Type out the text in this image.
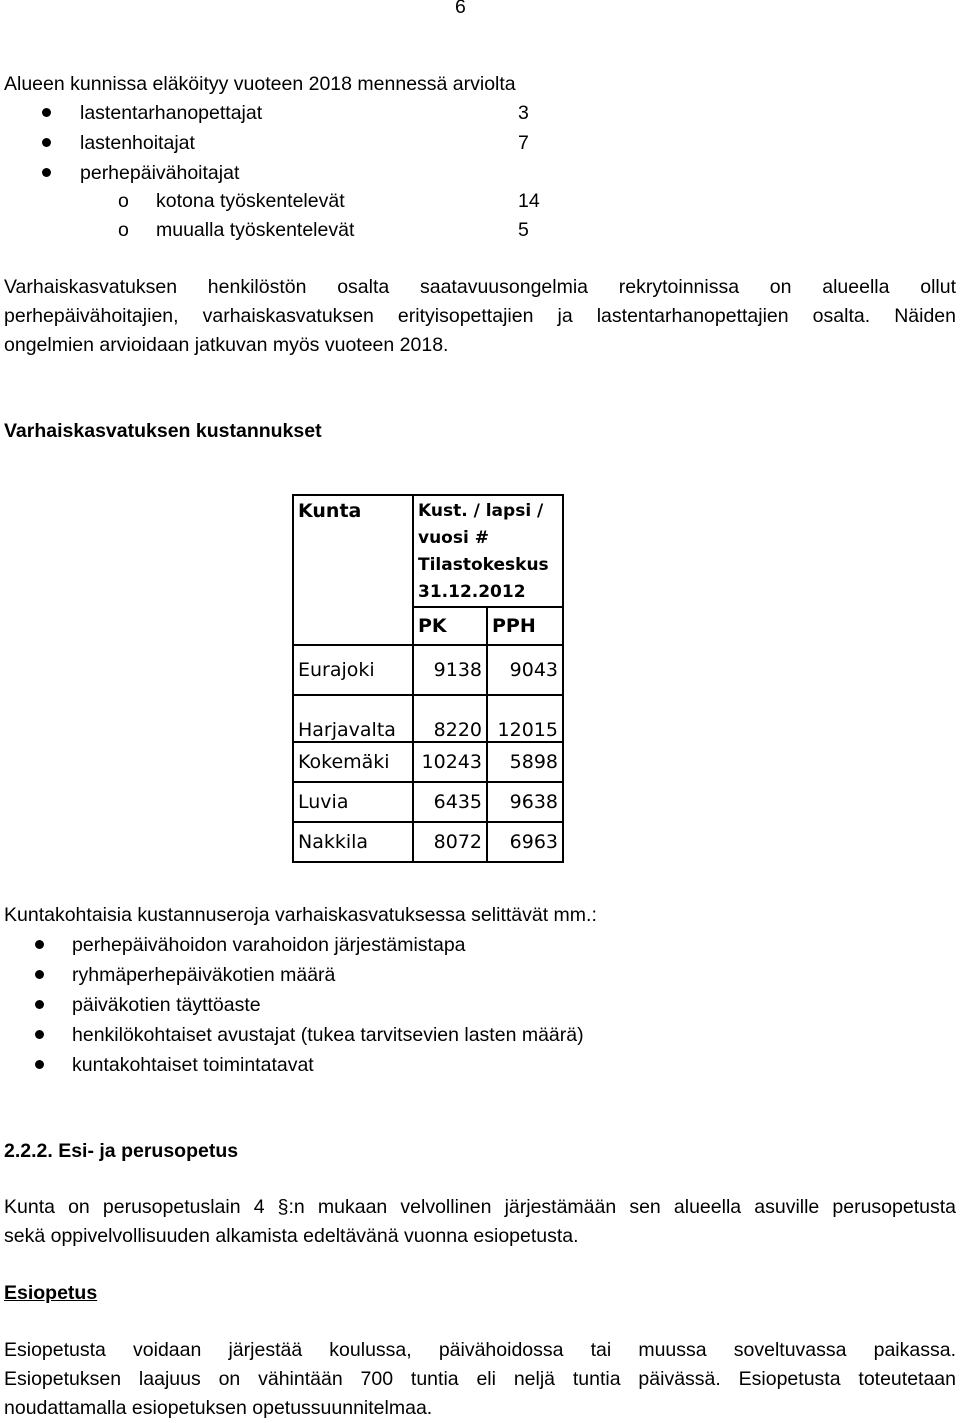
6
Alueen kunnissa eläköityy vuoteen 2018 mennessä arviolta
lastentarhanopettajat	3
lastenhoitajat	7
perhepäivähoitajat
o kotona työskentelevät	14
o muualla työskentelevät	5
Varhaiskasvatuksen henkilöstön osalta saatavuusongelmia rekrytoinnissa on alueella ollut
perhepäivähoitajien, varhaiskasvatuksen erityisopettajien ja lastentarhanopettajien osalta. Näiden
ongelmien arvioidaan jatkuvan myös vuoteen 2018.
Varhaiskasvatuksen kustannukset
Kunta	Kust. / lapsi /
vuosi #
Tilastokeskus
31.12.2012	

	PK	PPH
Eurajoki	9138	9043
Harjavalta	8220	12015
Kokemäki	10243	5898
Luvia	6435	9638
Nakkila	8072	6963
Kuntakohtaisia kustannuseroja varhaiskasvatuksessa selittävät mm.:
perhepäivähoidon varahoidon järjestämistapa
ryhmäperhepäiväkotien määrä
päiväkotien täyttöaste
henkilökohtaiset avustajat (tukea tarvitsevien lasten määrä)
kuntakohtaiset toimintatavat
2.2.2. Esi- ja perusopetus
Kunta on perusopetuslain 4 §:n mukaan velvollinen järjestämään sen alueella asuville perusopetusta
sekä oppivelvollisuuden alkamista edeltävänä vuonna esiopetusta.
Esiopetus
Esiopetusta voidaan järjestää koulussa, päivähoidossa tai muussa soveltuvassa paikassa.
Esiopetuksen laajuus on vähintään 700 tuntia eli neljä tuntia päivässä. Esiopetusta toteutetaan
noudattamalla esiopetuksen opetussuunnitelmaa.
